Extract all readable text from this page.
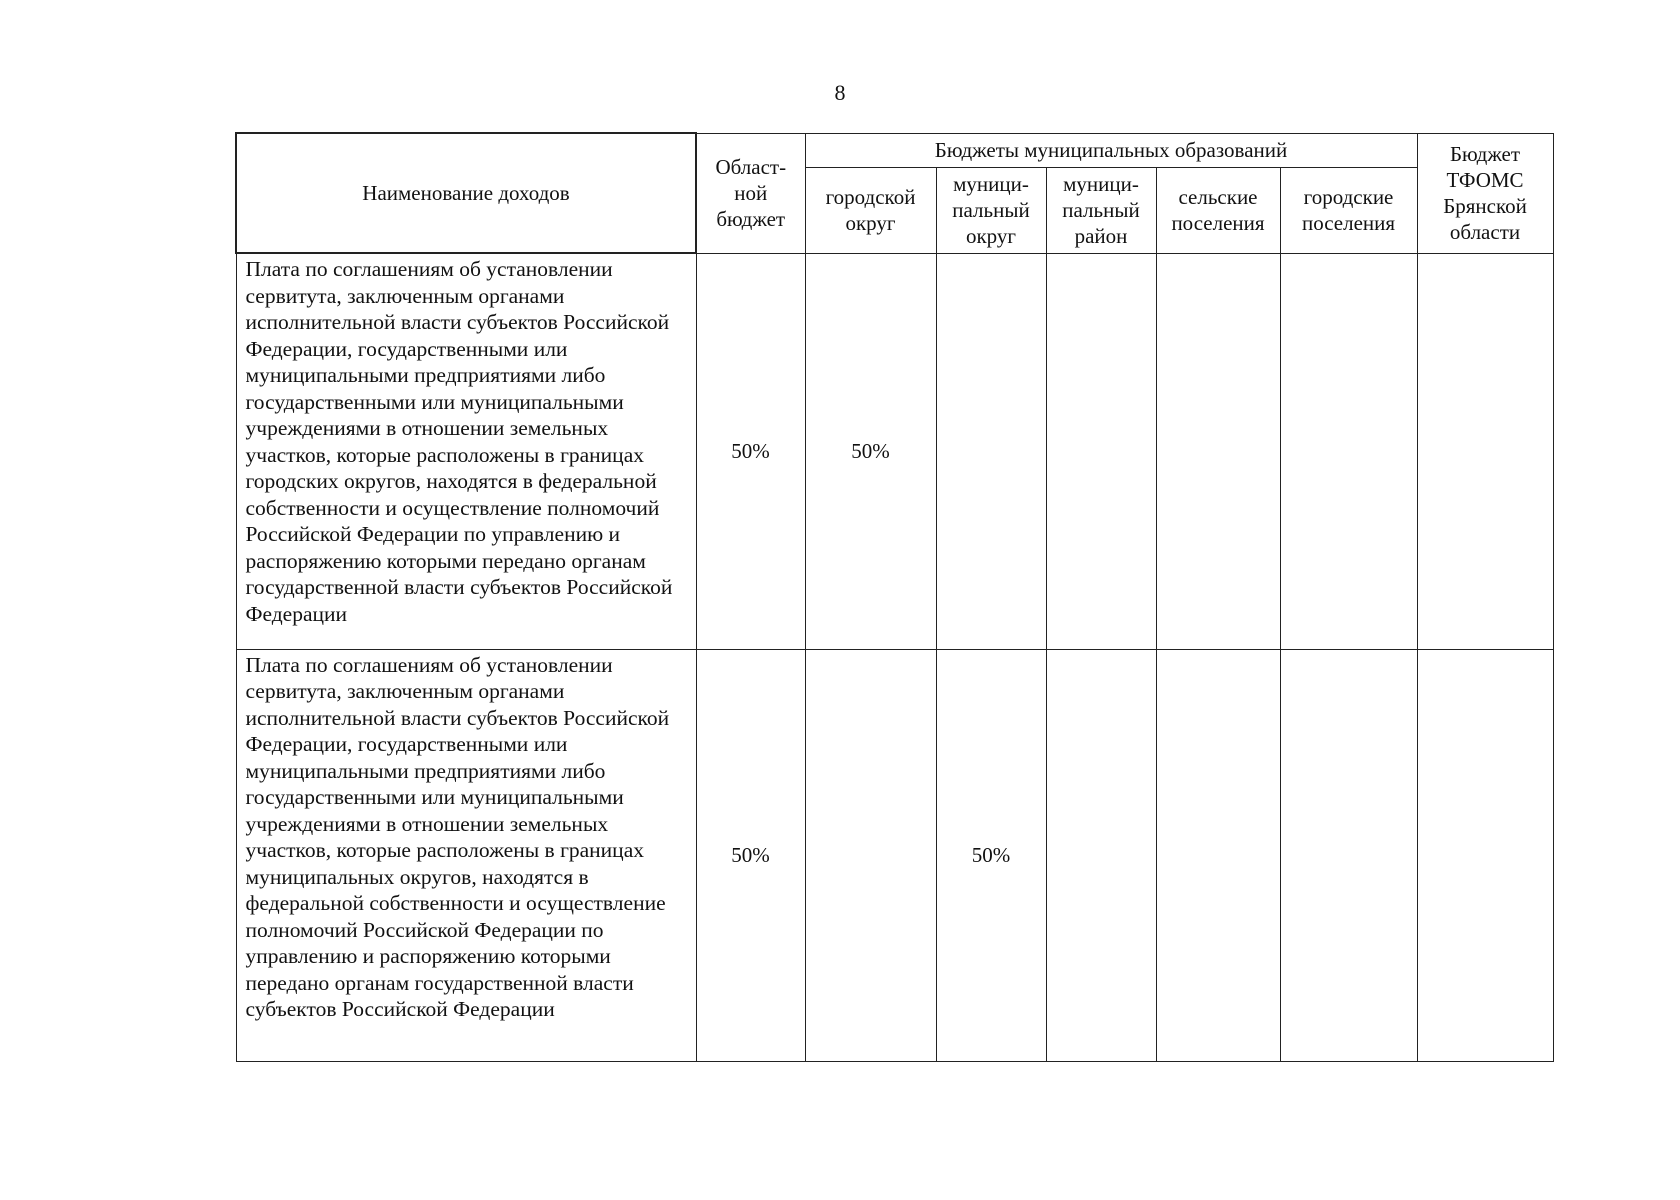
8
Наименование доходов	Област-
ной
бюджет	Бюджеты муниципальных образований					Бюджет
ТФОМС
Брянской
области
		городской
округ	муници-
пальный
округ	муници-
пальный
район	сельские
поселения	городские
поселения	
Плата по соглашениям об установлении сервитута, заключенным органами исполнительной власти субъектов Российской Федерации, государственными или муниципальными предприятиями либо государственными или муниципальными учреждениями в отношении земельных участков, которые расположены в границах городских округов, находятся в федеральной собственности и осуществление полномочий Российской Федерации по управлению и распоряжению которыми передано органам государственной власти субъектов Российской Федерации	50%	50%					
Плата по соглашениям об установлении сервитута, заключенным органами исполнительной власти субъектов Российской Федерации, государственными или муниципальными предприятиями либо государственными или муниципальными учреждениями в отношении земельных участков, которые расположены в границах муниципальных округов, находятся в федеральной собственности и осуществление полномочий Российской Федерации по управлению и распоряжению которыми передано органам государственной власти субъектов Российской Федерации	50%		50%				
